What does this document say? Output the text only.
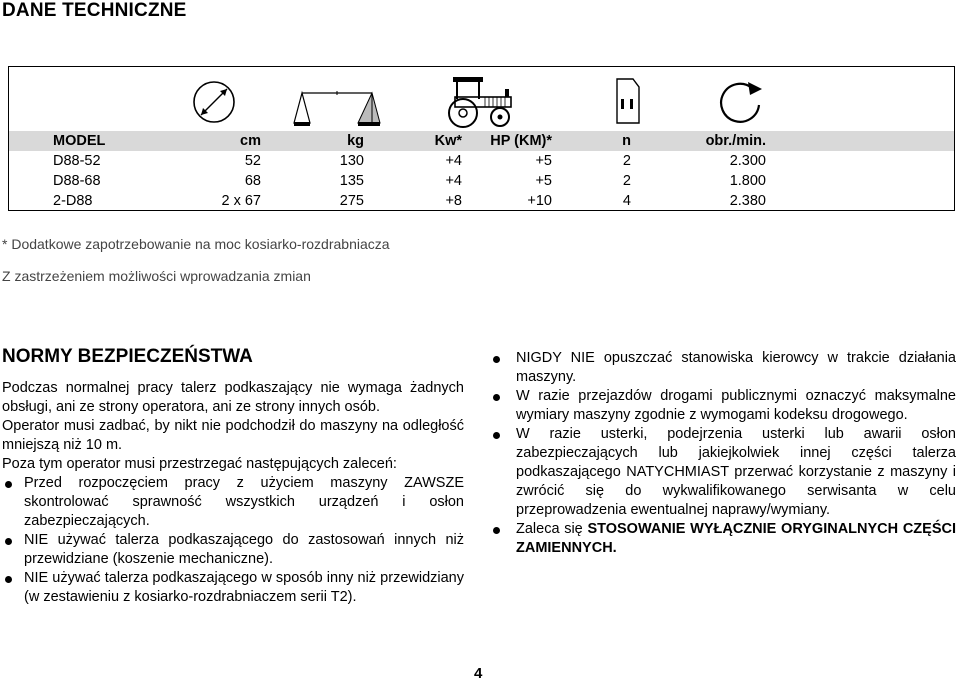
DANE TECHNICZNE
MODEL	cm	kg	Kw*	HP (KM)*	n	obr./min.	
D88-52	52	130	+4	+5	2	2.300	
D88-68	68	135	+4	+5	2	1.800	
2-D88	2 x 67	275	+8	+10	4	2.380	
* Dodatkowe zapotrzebowanie na moc kosiarko-rozdrabniacza
Z zastrzeżeniem możliwości wprowadzania zmian
NORMY BEZPIECZEŃSTWA

Podczas normalnej pracy talerz podkaszający nie wymaga żadnych obsługi, ani ze strony operatora, ani ze strony innych osób.

Operator musi zadbać, by nikt nie podchodził do maszyny na odległość mniejszą niż 10 m.

Poza tym operator musi przestrzegać następujących zaleceń:

Przed rozpoczęciem pracy z użyciem maszyny ZAWSZE skontrolować sprawność wszystkich urządzeń i osłon zabezpieczających.
NIE używać talerza podkaszającego do zastosowań innych niż przewidziane (koszenie mechaniczne).
NIE używać talerza podkaszającego w sposób inny niż przewidziany (w zestawieniu z kosiarko-rozdrabniaczem serii T2).
NIGDY NIE opuszczać stanowiska kierowcy w trakcie działania maszyny.
W razie przejazdów drogami publicznymi oznaczyć maksymalne wymiary maszyny zgodnie z wymogami kodeksu drogowego.
W razie usterki, podejrzenia usterki lub awarii osłon zabezpieczających lub jakiejkolwiek innej części talerza podkaszającego NATYCHMIAST przerwać korzystanie z maszyny i zwrócić się do wykwalifikowanego serwisanta w celu przeprowadzenia ewentualnej naprawy/wymiany.
Zaleca się STOSOWANIE WYŁĄCZNIE ORYGINALNYCH CZĘŚCI ZAMIENNYCH.
4
